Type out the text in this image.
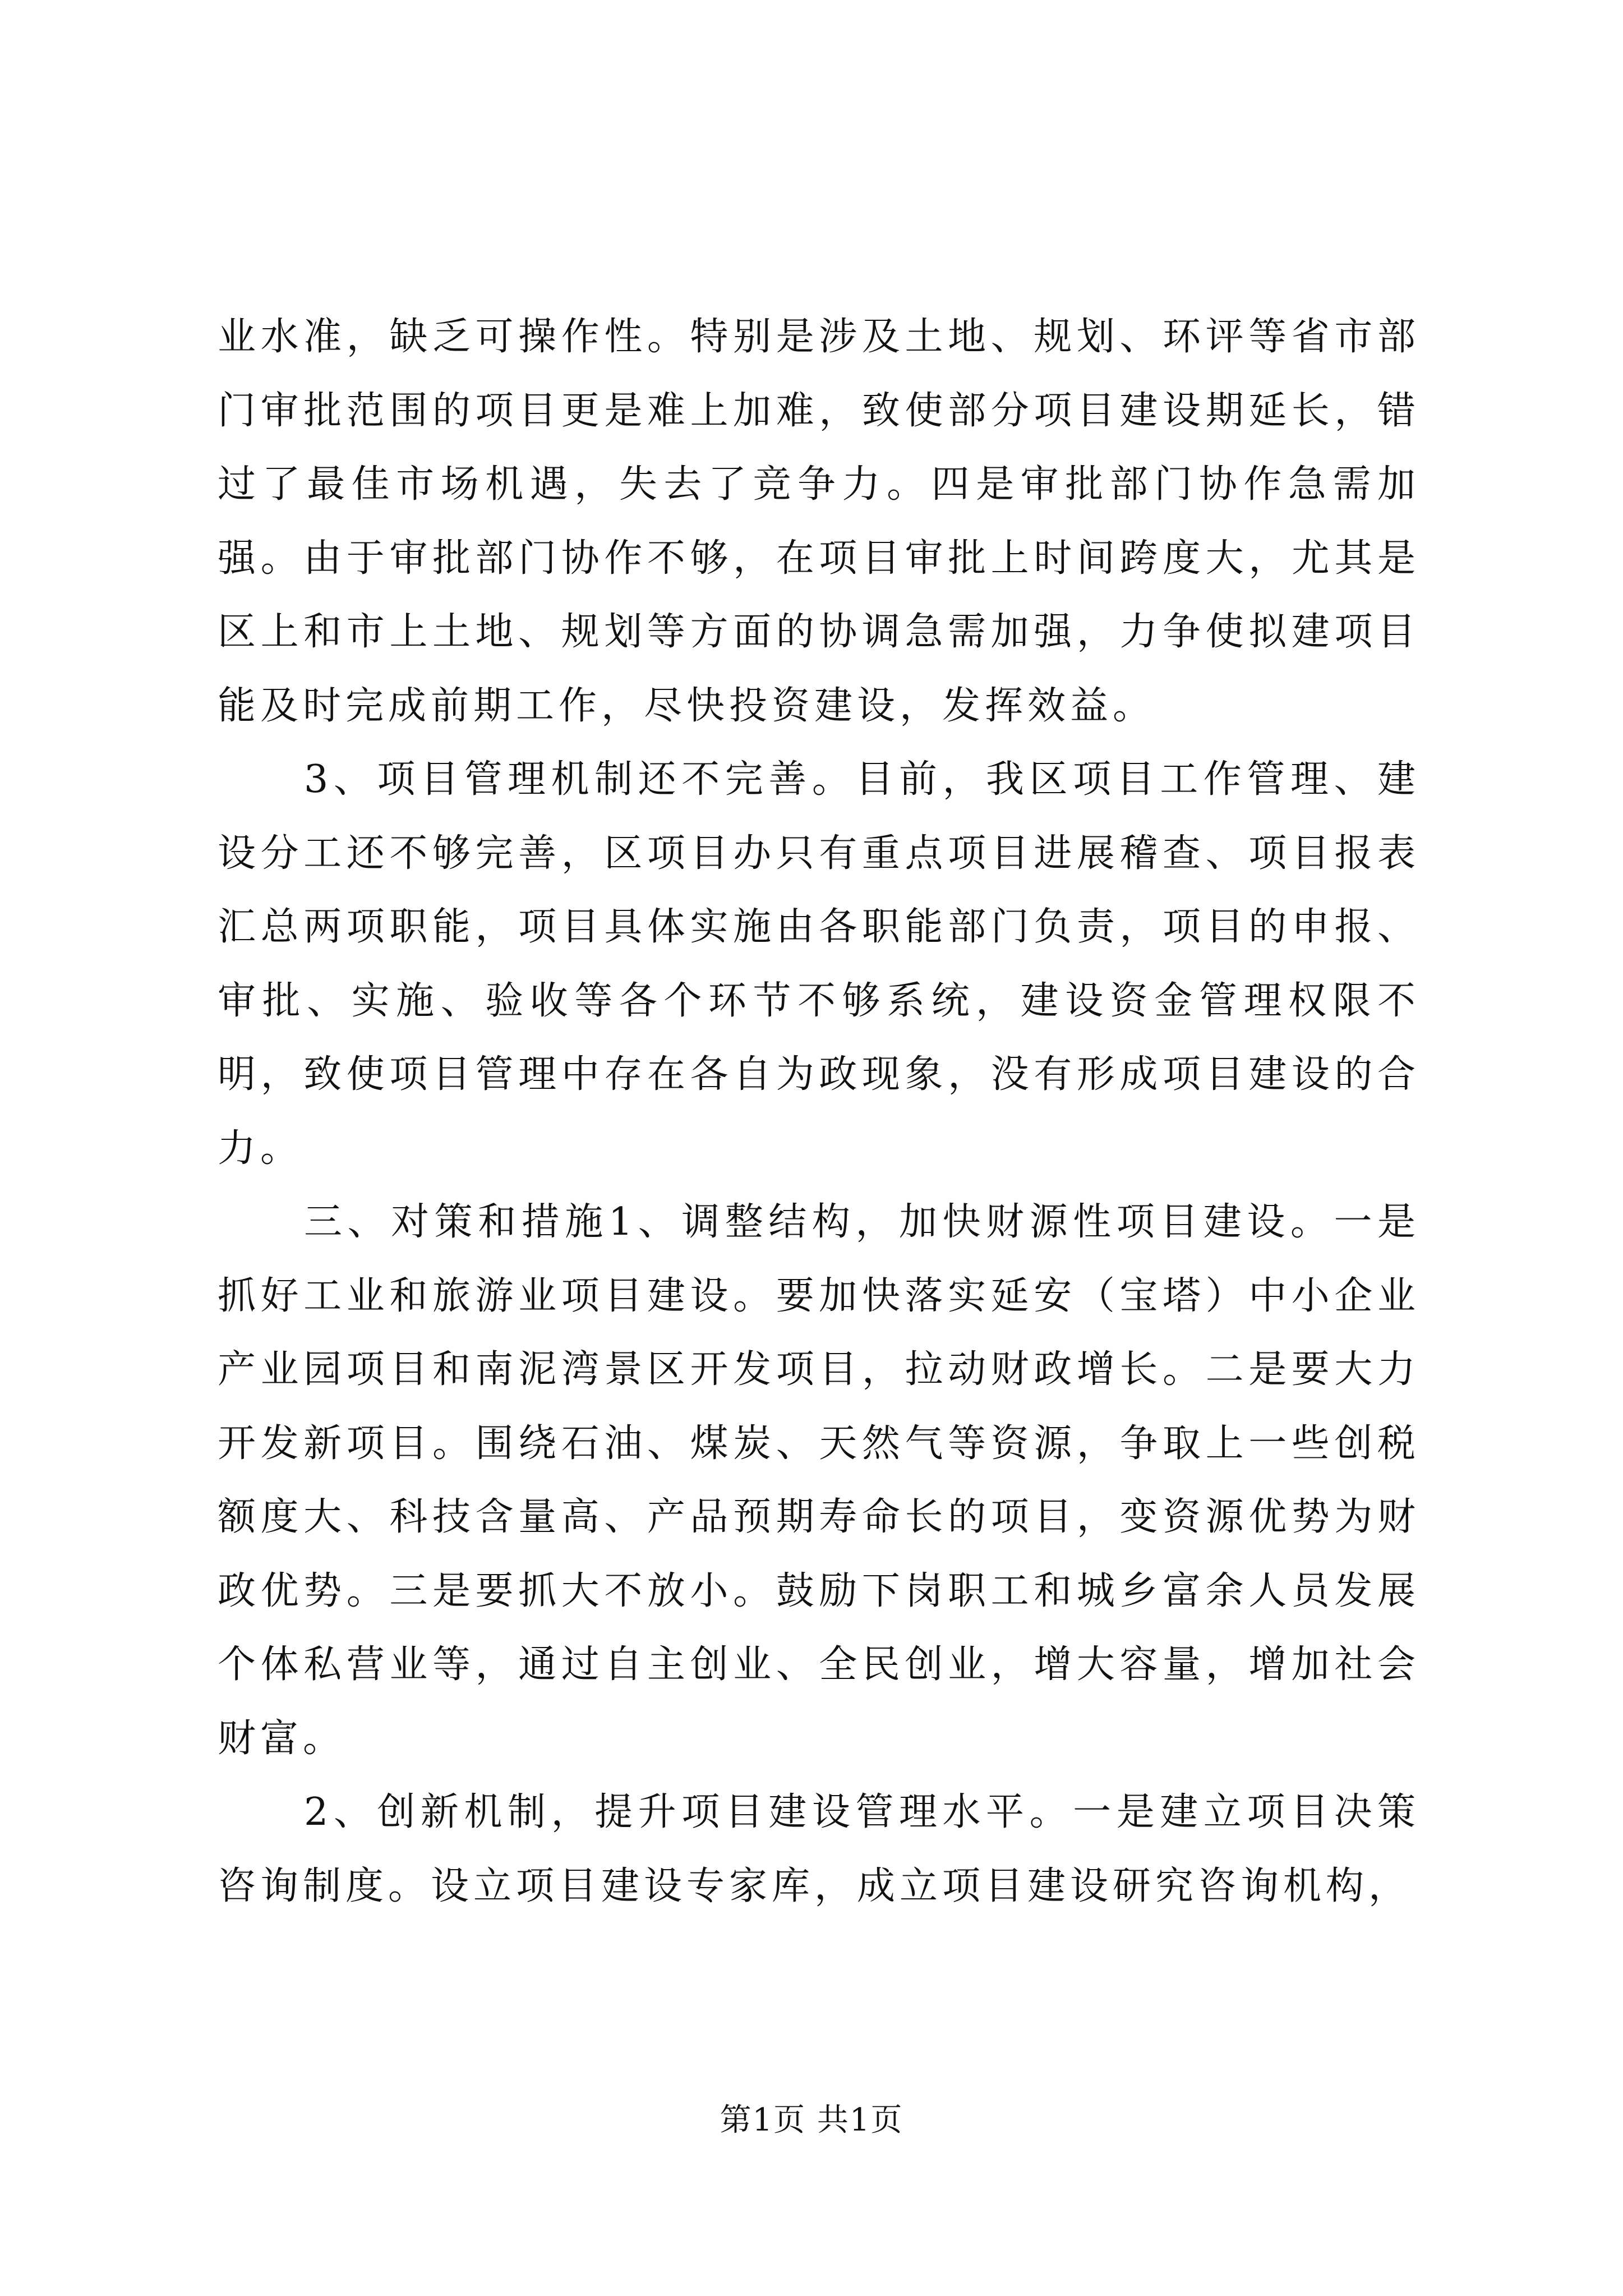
业水准，缺乏可操作性。特别是涉及土地、规划、环评等省市部门审批范围的项目更是难上加难，致使部分项目建设期延长，错过了最佳市场机遇，失去了竞争力。四是审批部门协作急需加强。由于审批部门协作不够，在项目审批上时间跨度大，尤其是区上和市上土地、规划等方面的协调急需加强，力争使拟建项目能及时完成前期工作，尽快投资建设，发挥效益。

3、项目管理机制还不完善。目前，我区项目工作管理、建设分工还不够完善，区项目办只有重点项目进展稽查、项目报表汇总两项职能，项目具体实施由各职能部门负责，项目的申报、审批、实施、验收等各个环节不够系统，建设资金管理权限不明，致使项目管理中存在各自为政现象，没有形成项目建设的合力。

三、对策和措施1、调整结构，加快财源性项目建设。一是抓好工业和旅游业项目建设。要加快落实延安（宝塔）中小企业产业园项目和南泥湾景区开发项目，拉动财政增长。二是要大力开发新项目。围绕石油、煤炭、天然气等资源，争取上一些创税额度大、科技含量高、产品预期寿命长的项目，变资源优势为财政优势。三是要抓大不放小。鼓励下岗职工和城乡富余人员发展个体私营业等，通过自主创业、全民创业，增大容量，增加社会财富。

2、创新机制，提升项目建设管理水平。一是建立项目决策咨询制度。设立项目建设专家库，成立项目建设研究咨询机构，

第1页 共1页
